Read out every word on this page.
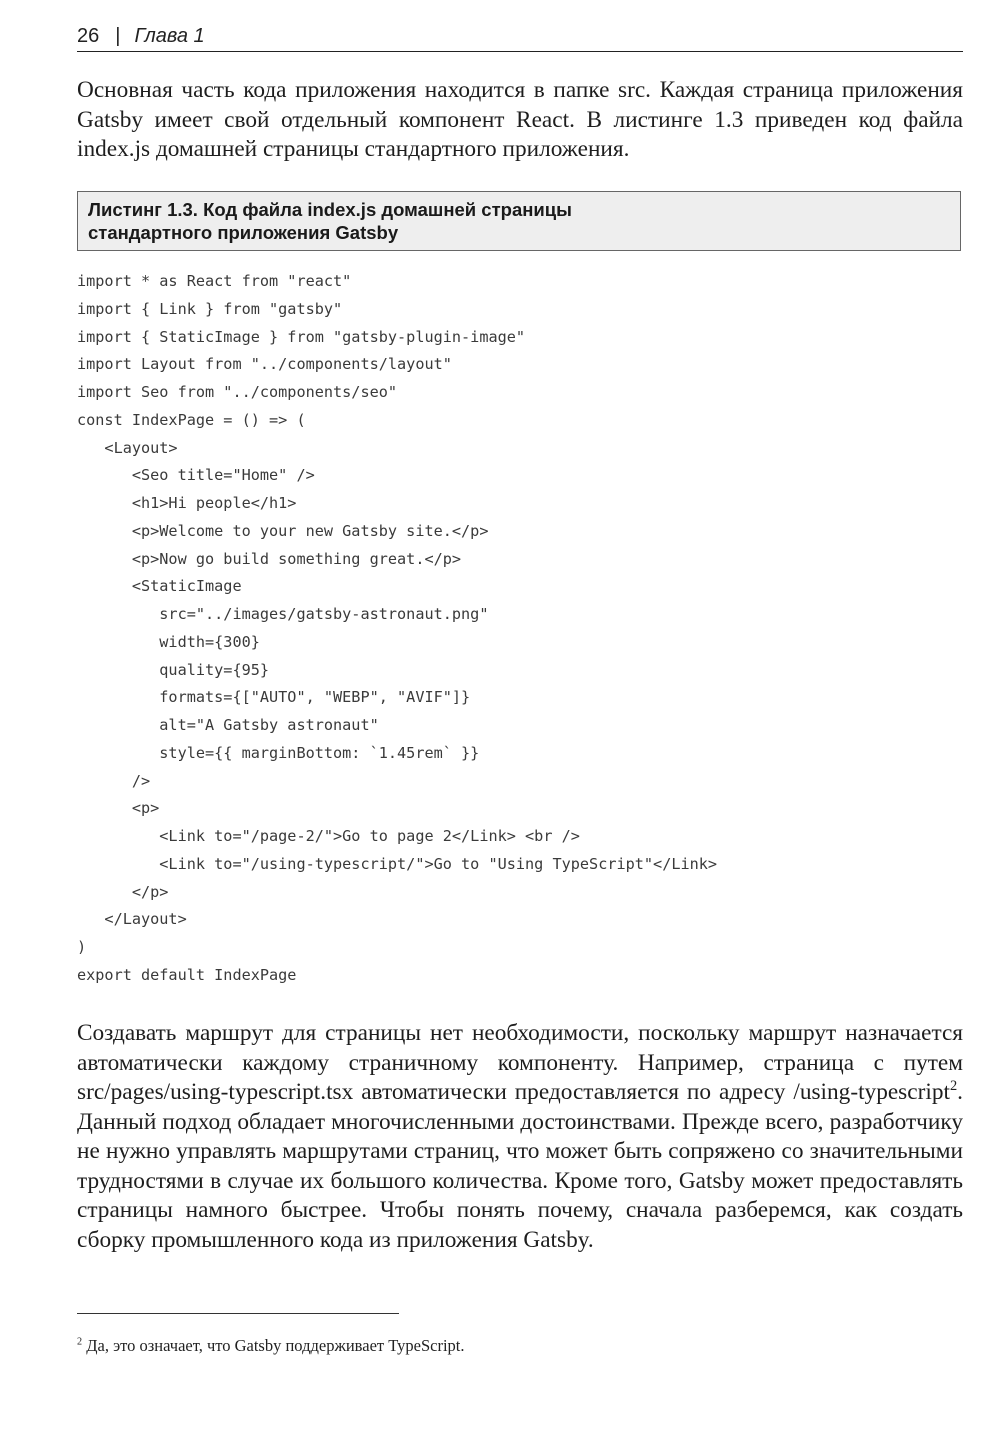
26 | Глава 1

Основная часть кода приложения находится в папке src. Каждая страница приложения Gatsby имеет свой отдельный компонент React. В листинге 1.3 приведен код файла index.js домашней страницы стандартного приложения.

Листинг 1.3. Код файла index.js домашней страницы
стандартного приложения Gatsby
import * as React from "react"
import { Link } from "gatsby"
import { StaticImage } from "gatsby-plugin-image"
import Layout from "../components/layout"
import Seo from "../components/seo"
const IndexPage = () => (
<Layout>
<Seo title="Home" />
<h1>Hi people</h1>
<p>Welcome to your new Gatsby site.</p>
<p>Now go build something great.</p>
<StaticImage
src="../images/gatsby-astronaut.png"
width={300}
quality={95}
formats={["AUTO", "WEBP", "AVIF"]}
alt="A Gatsby astronaut"
style={{ marginBottom: `1.45rem` }}
/>
<p>
<Link to="/page-2/">Go to page 2</Link> <br />
<Link to="/using-typescript/">Go to "Using TypeScript"</Link>
</p>
</Layout>
)
export default IndexPage

Создавать маршрут для страницы нет необходимости, поскольку маршрут назначается автоматически каждому страничному компоненту. Например, страница с путем src/pages/using-typescript.tsx автоматически предоставляется по адресу /using-typescript$^2$. Данный подход обладает многочисленными достоинствами. Прежде всего, разработчику не нужно управлять маршрутами страниц, что может быть сопряжено со значительными трудностями в случае их большого количества. Кроме того, Gatsby может предоставлять страницы намного быстрее. Чтобы понять почему, сначала разберемся, как создать сборку промышленного кода из приложения Gatsby.

$^2$ Да, это означает, что Gatsby поддерживает TypeScript.
